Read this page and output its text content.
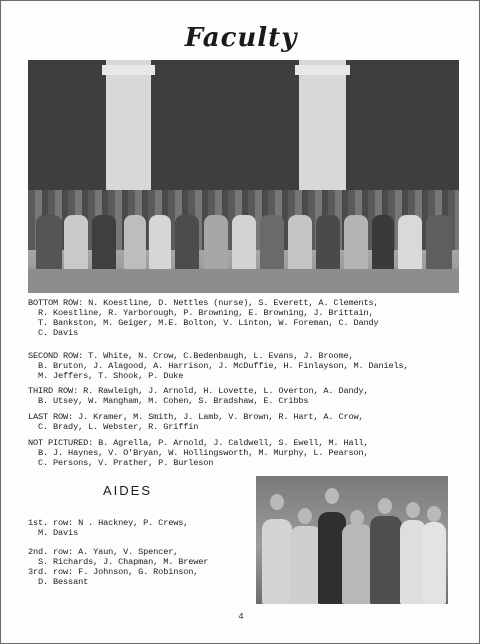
Faculty
BOTTOM ROW: N. Koestline, D. Nettles (nurse), S. Everett, A. Clements,
R. Koestline, R. Yarborough, P. Browning, E. Browning, J. Brittain,
T. Bankston, M. Geiger, M.E. Bolton, V. Linton, W. Foreman, C. Dandy
C. Davis
SECOND ROW: T. White, N. Crow, C.Bedenbaugh, L. Evans, J. Broome,
B. Bruton, J. Alagood, A. Harrison, J. McDuffie, H. Finlayson, M. Daniels,
M. Jeffers, T. Shook, P. Duke
THIRD ROW: R. Rawleigh, J. Arnold, H. Lovette, L. Overton, A. Dandy,
B. Utsey, W. Mangham, M. Cohen, S. Bradshaw, E. Cribbs
LAST ROW: J. Kramer, M. Smith, J. Lamb, V. Brown, R. Hart, A. Crow,
C. Brady, L. Webster, R. Griffin
NOT PICTURED: B. Agrella, P. Arnold, J. Caldwell, S. Ewell, M. Hall,
B. J. Haynes, V. O'Bryan, W. Hollingsworth, M. Murphy, L. Pearson,
C. Persons, V. Prather, P. Burleson
AIDES
1st. row: N . Hackney, P. Crews,
M. Davis
2nd. row: A. Yaun, V. Spencer,
S. Richards, J. Chapman, M. Brewer
3rd. row: F. Johnson, G. Robinson,
D. Bessant
4
